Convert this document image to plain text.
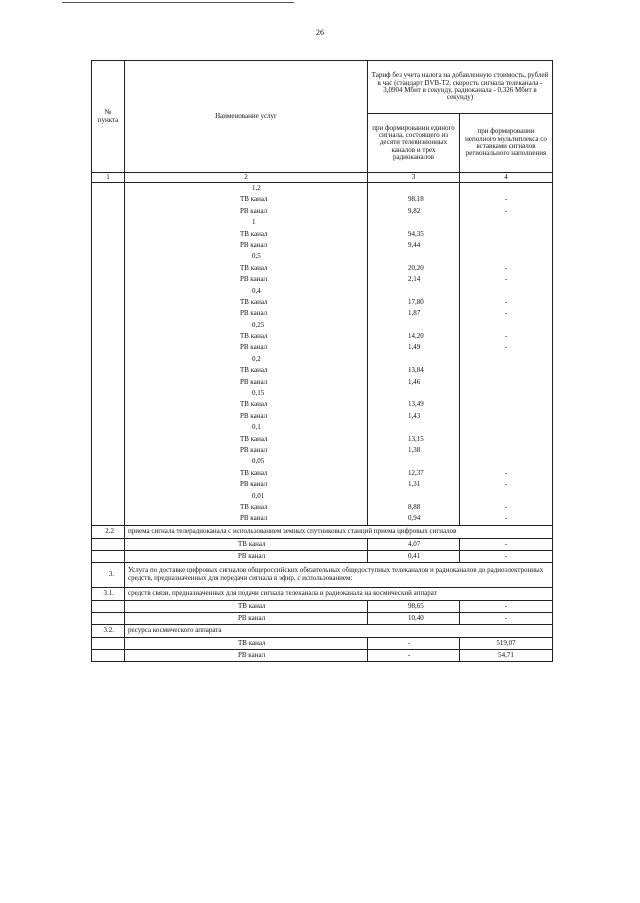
26
№
пункта	Наименование услуг	Тариф без учета налога на добавленную стоимость, рублей в час (стандарт DVB-T2, скорость сигнала телеканала - 3,0904 Мбит в секунду, радиоканала - 0,326 Мбит в секунду)	
		при формировании единого сигнала, состоящего из десяти телевизионных каналов и трех радиоканалов	при формировании неполного мультиплекса со вставками сигналов регионального наполнения
1	2	3	4
	1,2		
	ТВ канал	98,18	-
	РВ канал	9,82	-
	1		
	ТВ канал	94,35	
	РВ канал	9,44	
	0,5		
	ТВ канал	20,20	-
	РВ канал	2,14	-
	0,4		
	ТВ канал	17,80	-
	РВ канал	1,87	-
	0,25		
	ТВ канал	14,20	-
	РВ канал	1,49	-
	0,2		
	ТВ канал	13,84	
	РВ канал	1,46	
	0,15		
	ТВ канал	13,49	
	РВ канал	1,43	
	0,1		
	ТВ канал	13,15	
	РВ канал	1,38	
	0,05		
	ТВ канал	12,37	-
	РВ канал	1,31	-
	0,01		
	ТВ канал	8,88	-
	РВ канал	0,94	-
2.2	приема сигнала телерадиоканала с использованием земных спутниковых станций приема цифровых сигналов		
	ТВ канал	4,07	-
	РВ канал	0,41	-
3.	Услуга по доставке цифровых сигналов общероссийских обязательных общедоступных телеканалов и радиоканалов до радиоэлектронных средств, предназначенных для передачи сигнала в эфир, с использованием:		
3.1.	средств связи, предназначенных для подачи сигнала телеканала и радиоканала на космический аппарат		
	ТВ канал	98,65	-
	РВ канал	10,40	-
3.2.	ресурса космического аппарата		
	ТВ канал	-	519,07
	РВ канал	-	54,71
